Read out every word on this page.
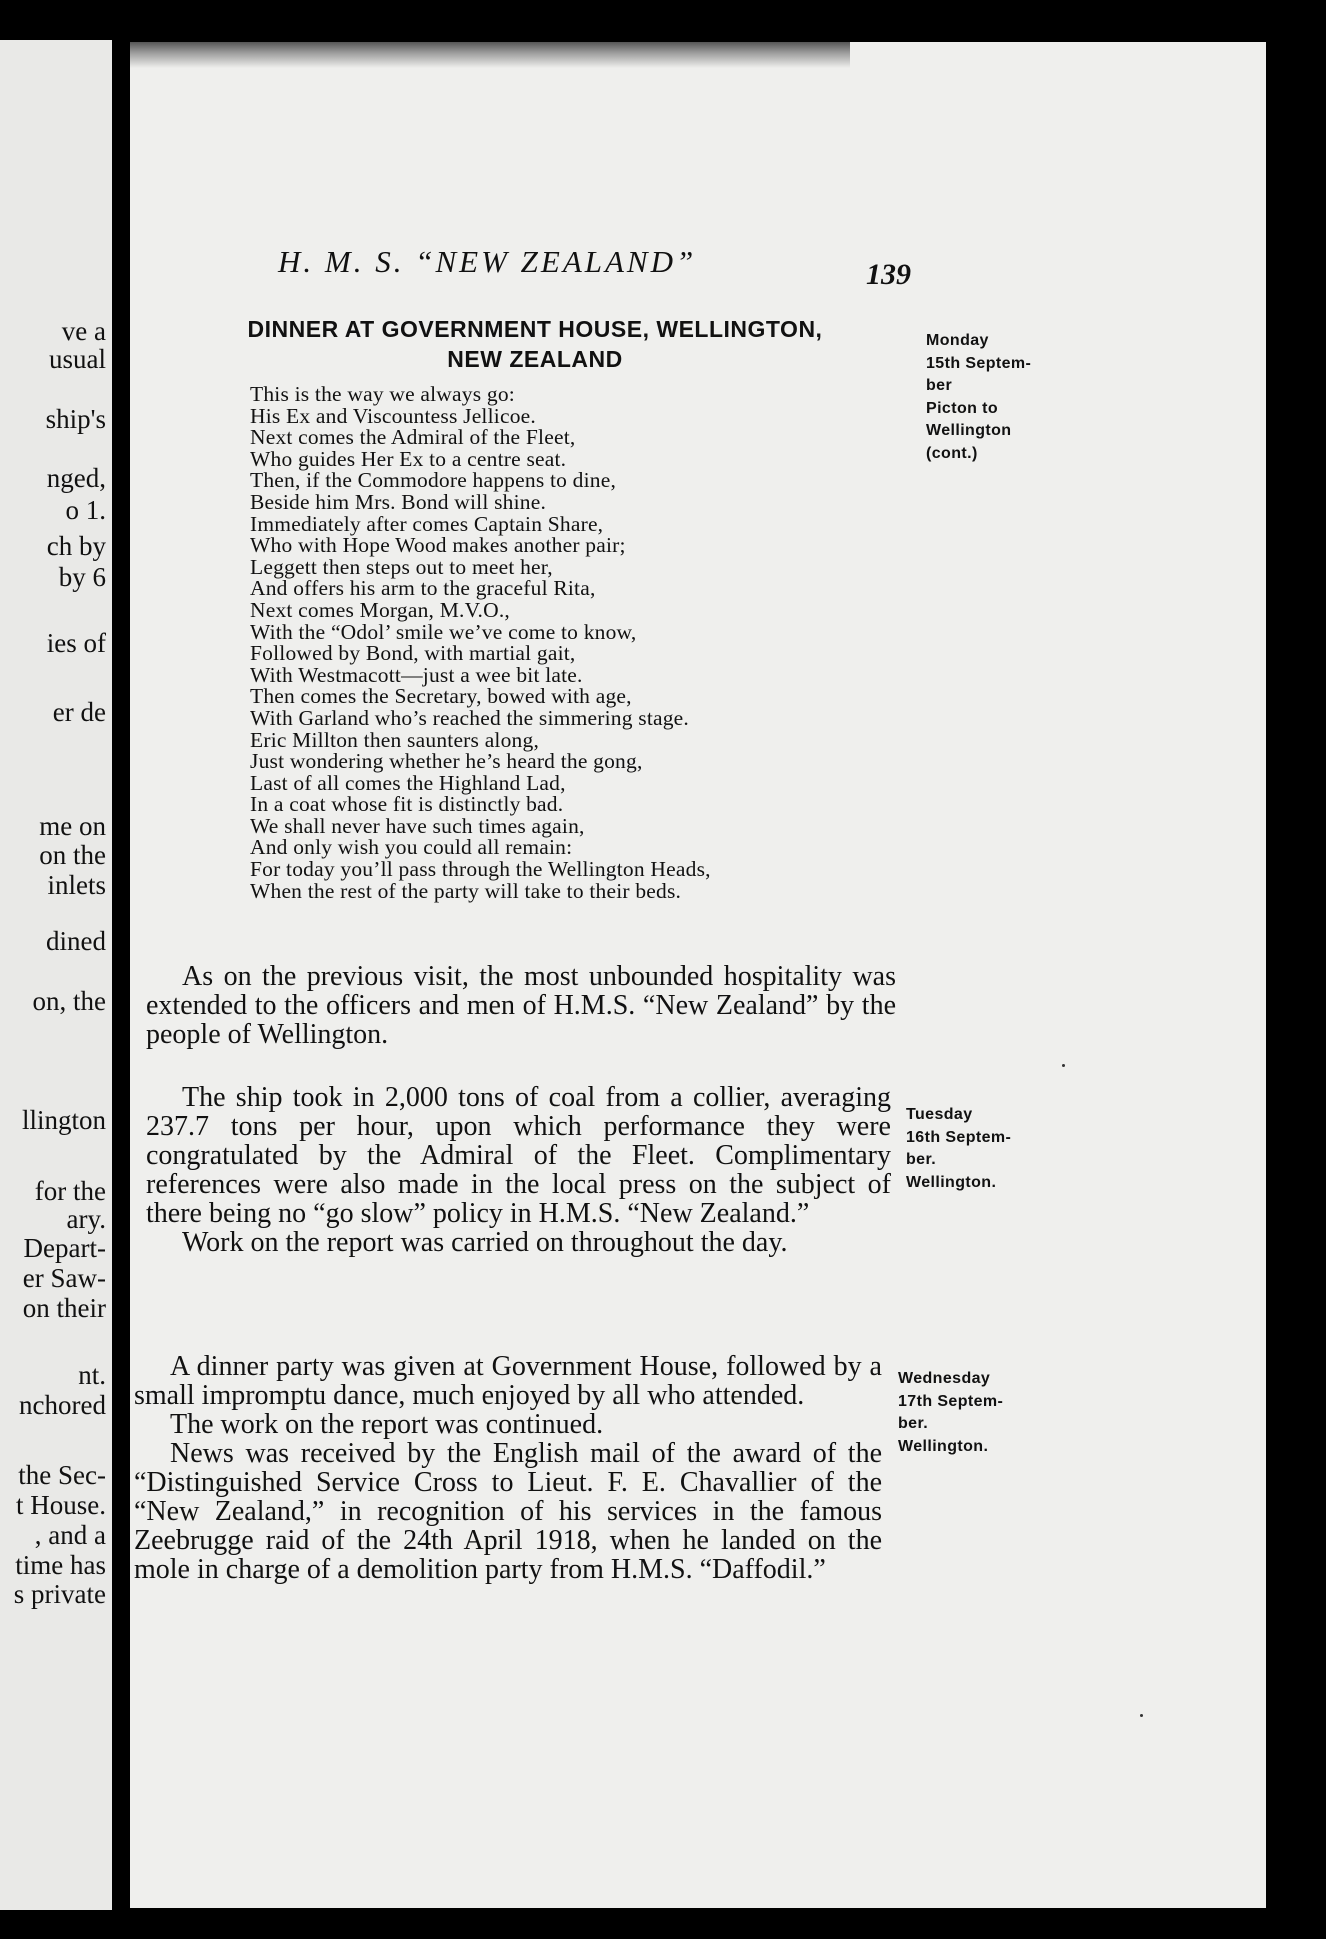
ve a
usual
ship's
nged,
o 1.
ch by
by 6
ies of
er de
me on
on the
inlets
dined
on, the
llington
for the
ary.
Depart-
er Saw-
on their
nt.
nchored
the Sec-
t House.
, and a
time has
s private
H. M. S. “NEW ZEALAND”	139
DINNER AT GOVERNMENT HOUSE, WELLINGTON,
NEW ZEALAND
This is the way we always go:
His Ex and Viscountess Jellicoe.
Next comes the Admiral of the Fleet,
Who guides Her Ex to a centre seat.
Then, if the Commodore happens to dine,
Beside him Mrs. Bond will shine.
Immediately after comes Captain Share,
Who with Hope Wood makes another pair;
Leggett then steps out to meet her,
And offers his arm to the graceful Rita,
Next comes Morgan, M.V.O.,
With the “Odol’ smile we’ve come to know,
Followed by Bond, with martial gait,
With Westmacott—just a wee bit late.
Then comes the Secretary, bowed with age,
With Garland who’s reached the simmering stage.
Eric Millton then saunters along,
Just wondering whether he’s heard the gong,
Last of all comes the Highland Lad,
In a coat whose fit is distinctly bad.
We shall never have such times again,
And only wish you could all remain:
For today you’ll pass through the Wellington Heads,
When the rest of the party will take to their beds.

As on the previous visit, the most unbounded hospitality was extended to the officers and men of H.M.S. “New Zealand” by the people of Wellington.

The ship took in 2,000 tons of coal from a collier, averaging 237.7 tons per hour, upon which performance they were congratulated by the Admiral of the Fleet. Complimentary references were also made in the local press on the subject of there being no “go slow” policy in H.M.S. “New Zealand.”

Work on the report was carried on throughout the day.

A dinner party was given at Government House, followed by a small impromptu dance, much enjoyed by all who attended.

The work on the report was continued.

News was received by the English mail of the award of the “Distinguished Service Cross to Lieut. F. E. Chavallier of the “New Zealand,” in recognition of his services in the famous Zeebrugge raid of the 24th April 1918, when he landed on the mole in charge of a demolition party from H.M.S. “Daffodil.”

Monday
15th Septem-
ber
Picton to
Wellington
(cont.)
Tuesday
16th Septem-
ber.
Wellington.
Wednesday
17th Septem-
ber.
Wellington.
